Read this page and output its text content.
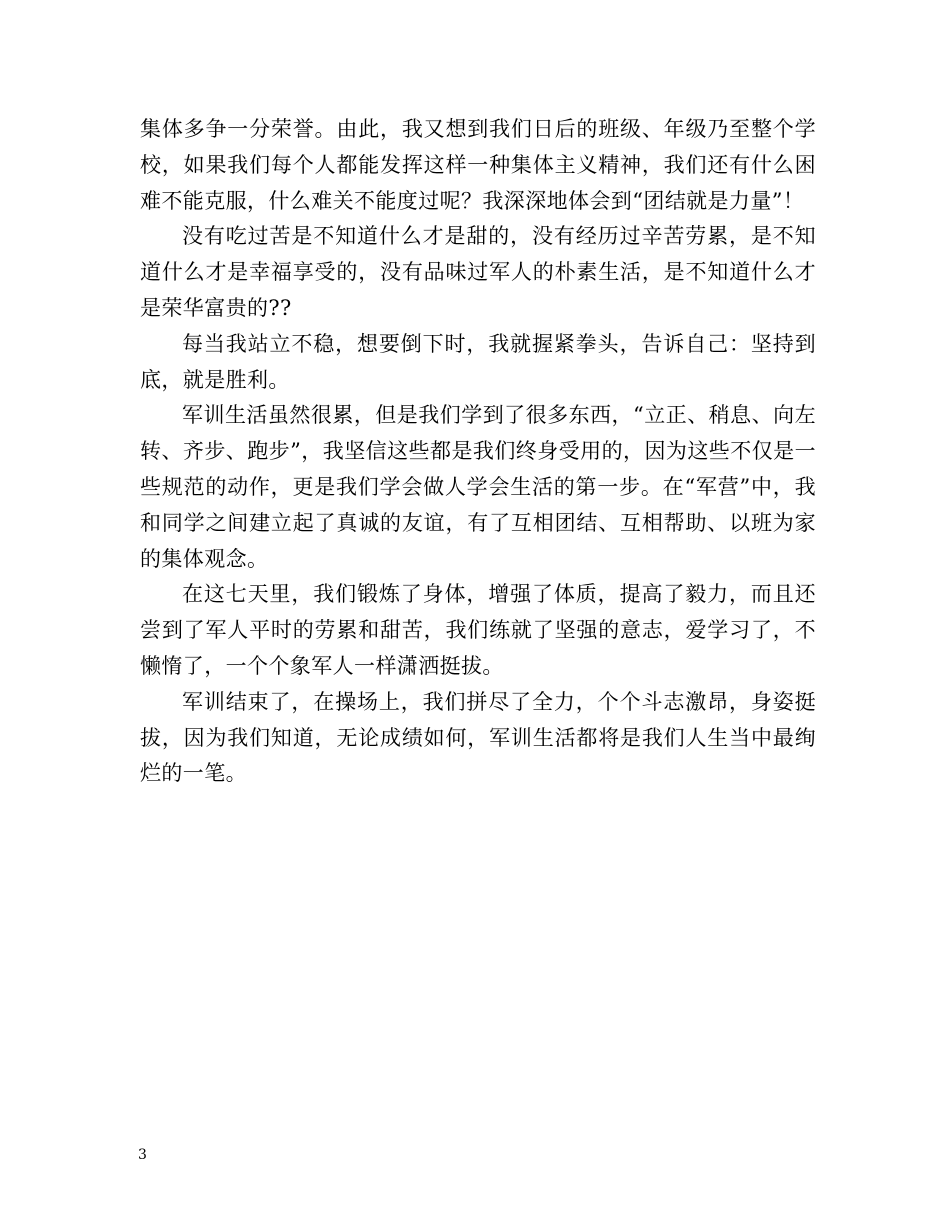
集体多争一分荣誉。由此，我又想到我们日后的班级、年级乃至整个学校，如果我们每个人都能发挥这样一种集体主义精神，我们还有什么困难不能克服，什么难关不能度过呢？我深深地体会到“团结就是力量”！

没有吃过苦是不知道什么才是甜的，没有经历过辛苦劳累，是不知道什么才是幸福享受的，没有品味过军人的朴素生活，是不知道什么才是荣华富贵的??

每当我站立不稳，想要倒下时，我就握紧拳头，告诉自己：坚持到底，就是胜利。

军训生活虽然很累，但是我们学到了很多东西，“立正、稍息、向左转、齐步、跑步”，我坚信这些都是我们终身受用的，因为这些不仅是一些规范的动作，更是我们学会做人学会生活的第一步。在“军营”中，我和同学之间建立起了真诚的友谊，有了互相团结、互相帮助、以班为家的集体观念。

在这七天里，我们锻炼了身体，增强了体质，提高了毅力，而且还尝到了军人平时的劳累和甜苦，我们练就了坚强的意志，爱学习了，不懒惰了，一个个象军人一样潇洒挺拔。

军训结束了，在操场上，我们拼尽了全力，个个斗志激昂，身姿挺拔，因为我们知道，无论成绩如何，军训生活都将是我们人生当中最绚烂的一笔。

3
